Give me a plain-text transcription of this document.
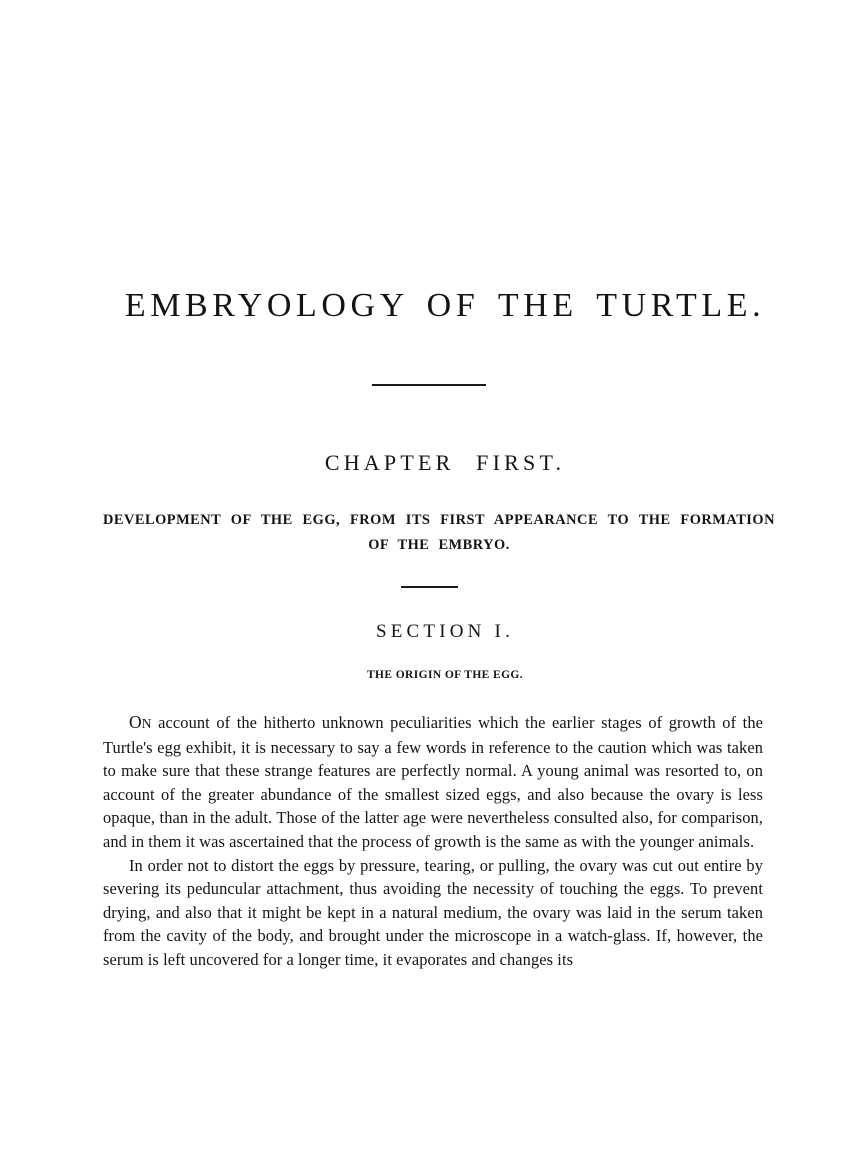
EMBRYOLOGY OF THE TURTLE.
CHAPTER FIRST.

DEVELOPMENT OF THE EGG, FROM ITS FIRST APPEARANCE TO THE FORMATION OF THE EMBRYO.

SECTION I.
THE ORIGIN OF THE EGG.

ON account of the hitherto unknown peculiarities which the earlier stages of growth of the Turtle's egg exhibit, it is necessary to say a few words in reference to the caution which was taken to make sure that these strange features are perfectly normal. A young animal was resorted to, on account of the greater abundance of the smallest sized eggs, and also because the ovary is less opaque, than in the adult. Those of the latter age were nevertheless consulted also, for comparison, and in them it was ascertained that the process of growth is the same as with the younger animals.

In order not to distort the eggs by pressure, tearing, or pulling, the ovary was cut out entire by severing its peduncular attachment, thus avoiding the necessity of touching the eggs. To prevent drying, and also that it might be kept in a natural medium, the ovary was laid in the serum taken from the cavity of the body, and brought under the microscope in a watch-glass. If, however, the serum is left uncovered for a longer time, it evaporates and changes its
